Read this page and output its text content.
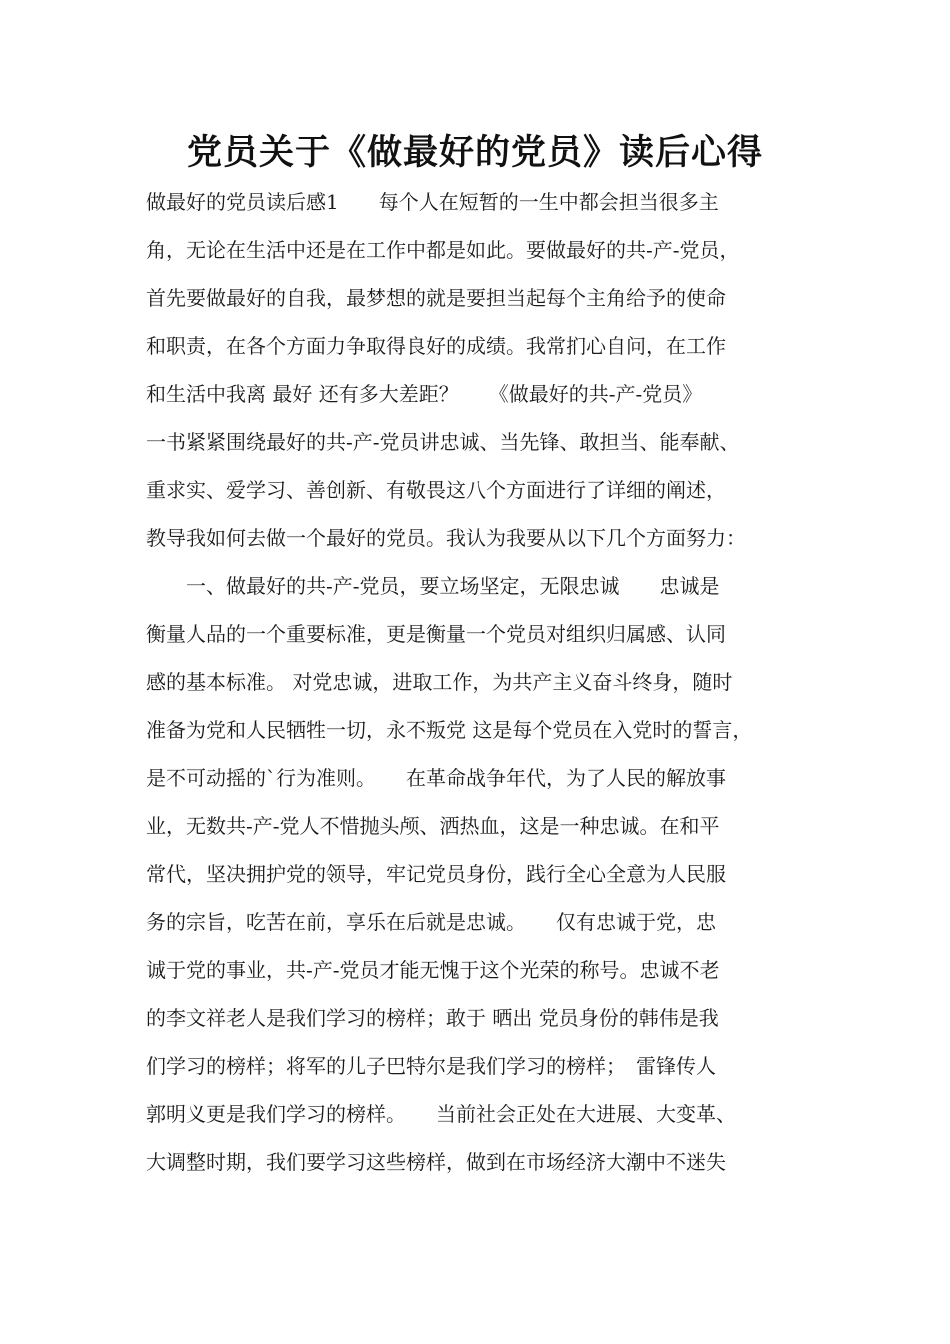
党员关于《做最好的党员》读后心得
做最好的党员读后感1　　每个人在短暂的一生中都会担当很多主
角，无论在生活中还是在工作中都是如此。要做最好的共-产-党员，
首先要做最好的自我，最梦想的就是要担当起每个主角给予的使命
和职责，在各个方面力争取得良好的成绩。我常扪心自问，在工作
和生活中我离 最好 还有多大差距？　　《做最好的共-产-党员》
一书紧紧围绕最好的共-产-党员讲忠诚、当先锋、敢担当、能奉献、
重求实、爱学习、善创新、有敬畏这八个方面进行了详细的阐述，
教导我如何去做一个最好的党员。我认为我要从以下几个方面努力：
　　一、做最好的共-产-党员，要立场坚定，无限忠诚　　忠诚是
衡量人品的一个重要标准，更是衡量一个党员对组织归属感、认同
感的基本标准。 对党忠诚，进取工作，为共产主义奋斗终身，随时
准备为党和人民牺牲一切，永不叛党 这是每个党员在入党时的誓言，
是不可动摇的`行为准则。　　在革命战争年代，为了人民的解放事
业，无数共-产-党人不惜抛头颅、洒热血，这是一种忠诚。在和平
常代，坚决拥护党的领导，牢记党员身份，践行全心全意为人民服
务的宗旨，吃苦在前，享乐在后就是忠诚。　　仅有忠诚于党，忠
诚于党的事业，共-产-党员才能无愧于这个光荣的称号。忠诚不老
的李文祥老人是我们学习的榜样；敢于 晒出 党员身份的韩伟是我
们学习的榜样；将军的儿子巴特尔是我们学习的榜样；　雷锋传人
郭明义更是我们学习的榜样。　　当前社会正处在大进展、大变革、
大调整时期，我们要学习这些榜样，做到在市场经济大潮中不迷失
